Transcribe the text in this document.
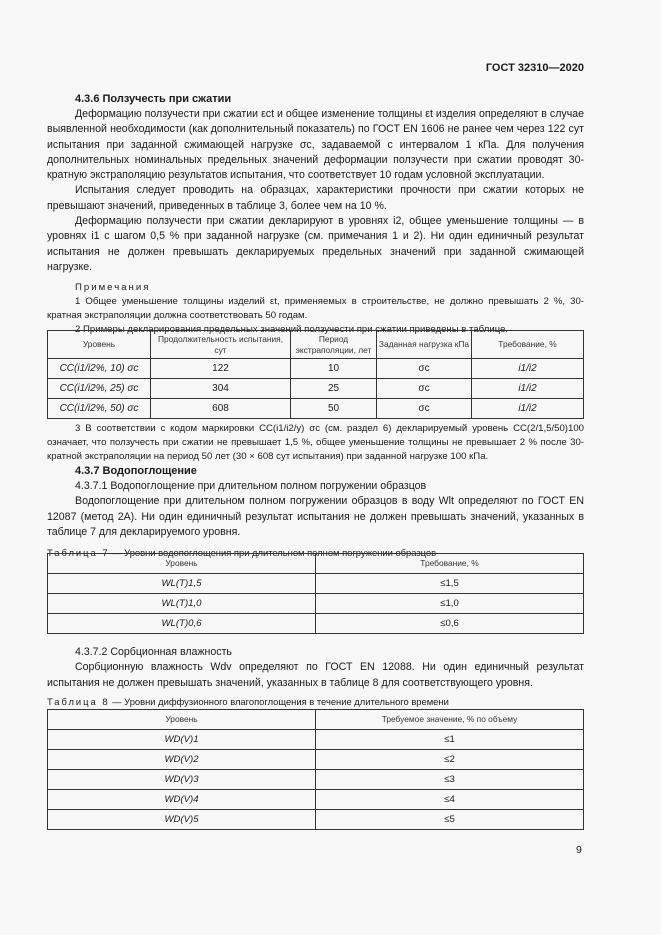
ГОСТ 32310—2020
4.3.6 Ползучесть при сжатии

Деформацию ползучести при сжатии εct и общее изменение толщины εt изделия определяют в случае выявленной необходимости (как дополнительный показатель) по ГОСТ EN 1606 не ранее чем через 122 сут испытания при заданной сжимающей нагрузке σc, задаваемой с интервалом 1 кПа. Для получения дополнительных номинальных предельных значений деформации ползучести при сжатии проводят 30-кратную экстраполяцию результатов испытания, что соответствует 10 годам условной эксплуатации.

Испытания следует проводить на образцах, характеристики прочности при сжатии которых не превышают значений, приведенных в таблице 3, более чем на 10 %.

Деформацию ползучести при сжатии декларируют в уровнях i2, общее уменьшение толщины — в уровнях i1 с шагом 0,5 % при заданной нагрузке (см. примечания 1 и 2). Ни один единичный результат испытания не должен превышать декларируемых предельных значений при заданной сжимающей нагрузке.

Примечания

1 Общее уменьшение толщины изделий εt, применяемых в строительстве, не должно превышать 2 %, 30-кратная экстраполяции должна соответствовать 50 годам.

2 Примеры декларирования предельных значений ползучести при сжатии приведены в таблице.

Уровень	Продолжительность испытания, сут	Период экстраполяции, лет	Заданная нагрузка кПа	Требование, %
CC(i1/i2%, 10) σc	122	10	σc	i1/i2
CC(i1/i2%, 25) σc	304	25	σc	i1/i2
CC(i1/i2%, 50) σc	608	50	σc	i1/i2

3 В соответствии с кодом маркировки CC(i1/i2/y) σc (см. раздел 6) декларируемый уровень CC(2/1,5/50)100 означает, что ползучесть при сжатии не превышает 1,5 %, общее уменьшение толщины не превышает 2 % после 30-кратной экстраполяции на период 50 лет (30 × 608 сут испытания) при заданной нагрузке 100 кПа.

4.3.7 Водопоглощение

4.3.7.1 Водопоглощение при длительном полном погружении образцов

Водопоглощение при длительном полном погружении образцов в воду Wlt определяют по ГОСТ EN 12087 (метод 2А). Ни один единичный результат испытания не должен превышать значений, указанных в таблице 7 для декларируемого уровня.

Таблица 7 — Уровни водопоглощения при длительном полном погружении образцов

Уровень	Требование, %
WL(T)1,5	≤1,5
WL(T)1,0	≤1,0
WL(T)0,6	≤0,6

4.3.7.2 Сорбционная влажность

Сорбционную влажность Wdv определяют по ГОСТ EN 12088. Ни один единичный результат испытания не должен превышать значений, указанных в таблице 8 для соответствующего уровня.

Таблица 8 — Уровни диффузионного влагопоглощения в течение длительного времени

Уровень	Требуемое значение, % по объему
WD(V)1	≤1
WD(V)2	≤2
WD(V)3	≤3
WD(V)4	≤4
WD(V)5	≤5
9
